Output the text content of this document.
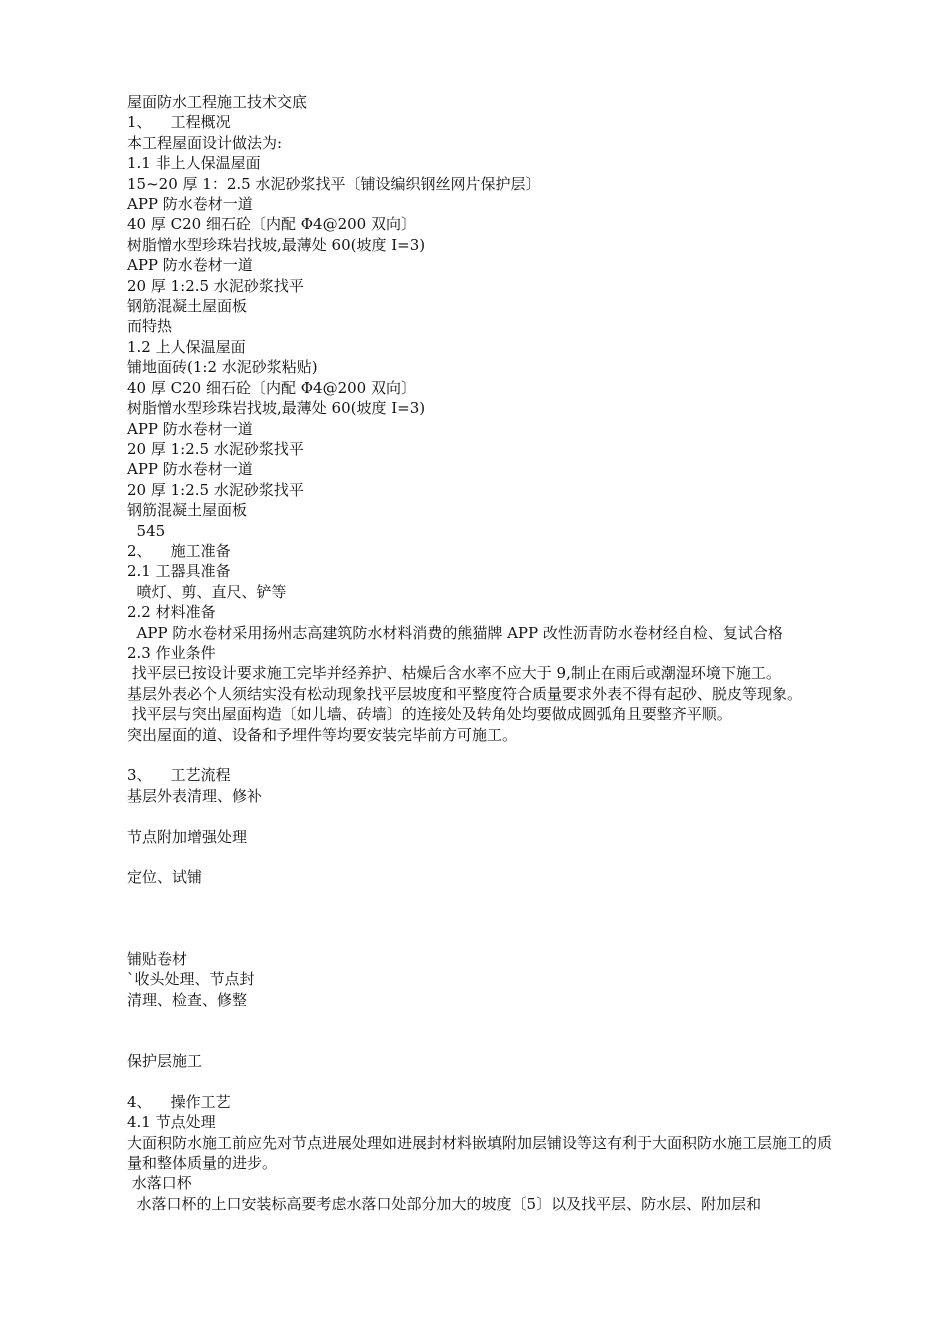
屋面防水工程施工技术交底
1、    工程概况
本工程屋面设计做法为:
1.1 非上人保温屋面
15~20 厚 1：2.5 水泥砂浆找平〔铺设编织钢丝网片保护层〕
APP 防水卷材一道
40 厚 C20 细石砼〔内配 Φ4@200 双向〕
树脂憎水型珍珠岩找坡,最薄处 60(坡度 I=3)
APP 防水卷材一道
20 厚 1:2.5 水泥砂浆找平
钢筋混凝土屋面板
而特热
1.2 上人保温屋面
铺地面砖(1:2 水泥砂浆粘贴)
40 厚 C20 细石砼〔内配 Φ4@200 双向〕
树脂憎水型珍珠岩找坡,最薄处 60(坡度 I=3)
APP 防水卷材一道
20 厚 1:2.5 水泥砂浆找平
APP 防水卷材一道
20 厚 1:2.5 水泥砂浆找平
钢筋混凝土屋面板
545
2、    施工准备
2.1 工器具准备
喷灯、剪、直尺、铲等
2.2 材料准备
APP 防水卷材采用扬州志高建筑防水材料消费的熊猫牌 APP 改性沥青防水卷材经自检、复试合格
2.3 作业条件
找平层已按设计要求施工完毕并经养护、枯燥后含水率不应大于 9,制止在雨后或潮湿环境下施工。
基层外表必个人须结实没有松动现象找平层坡度和平整度符合质量要求外表不得有起砂、脱皮等现象。
找平层与突出屋面构造〔如儿墙、砖墙〕的连接处及转角处均要做成圆弧角且要整齐平顺。
突出屋面的道、设备和予埋件等均要安装完毕前方可施工。
3、    工艺流程
基层外表清理、修补
节点附加增强处理
定位、试铺
铺贴卷材
`收头处理、节点封
清理、检查、修整
保护层施工
4、    操作工艺
4.1 节点处理
大面积防水施工前应先对节点进展处理如进展封材料嵌填附加层铺设等这有利于大面积防水施工层施工的质量和整体质量的进步。
水落口杯
水落口杯的上口安装标高要考虑水落口处部分加大的坡度〔5〕以及找平层、防水层、附加层和
